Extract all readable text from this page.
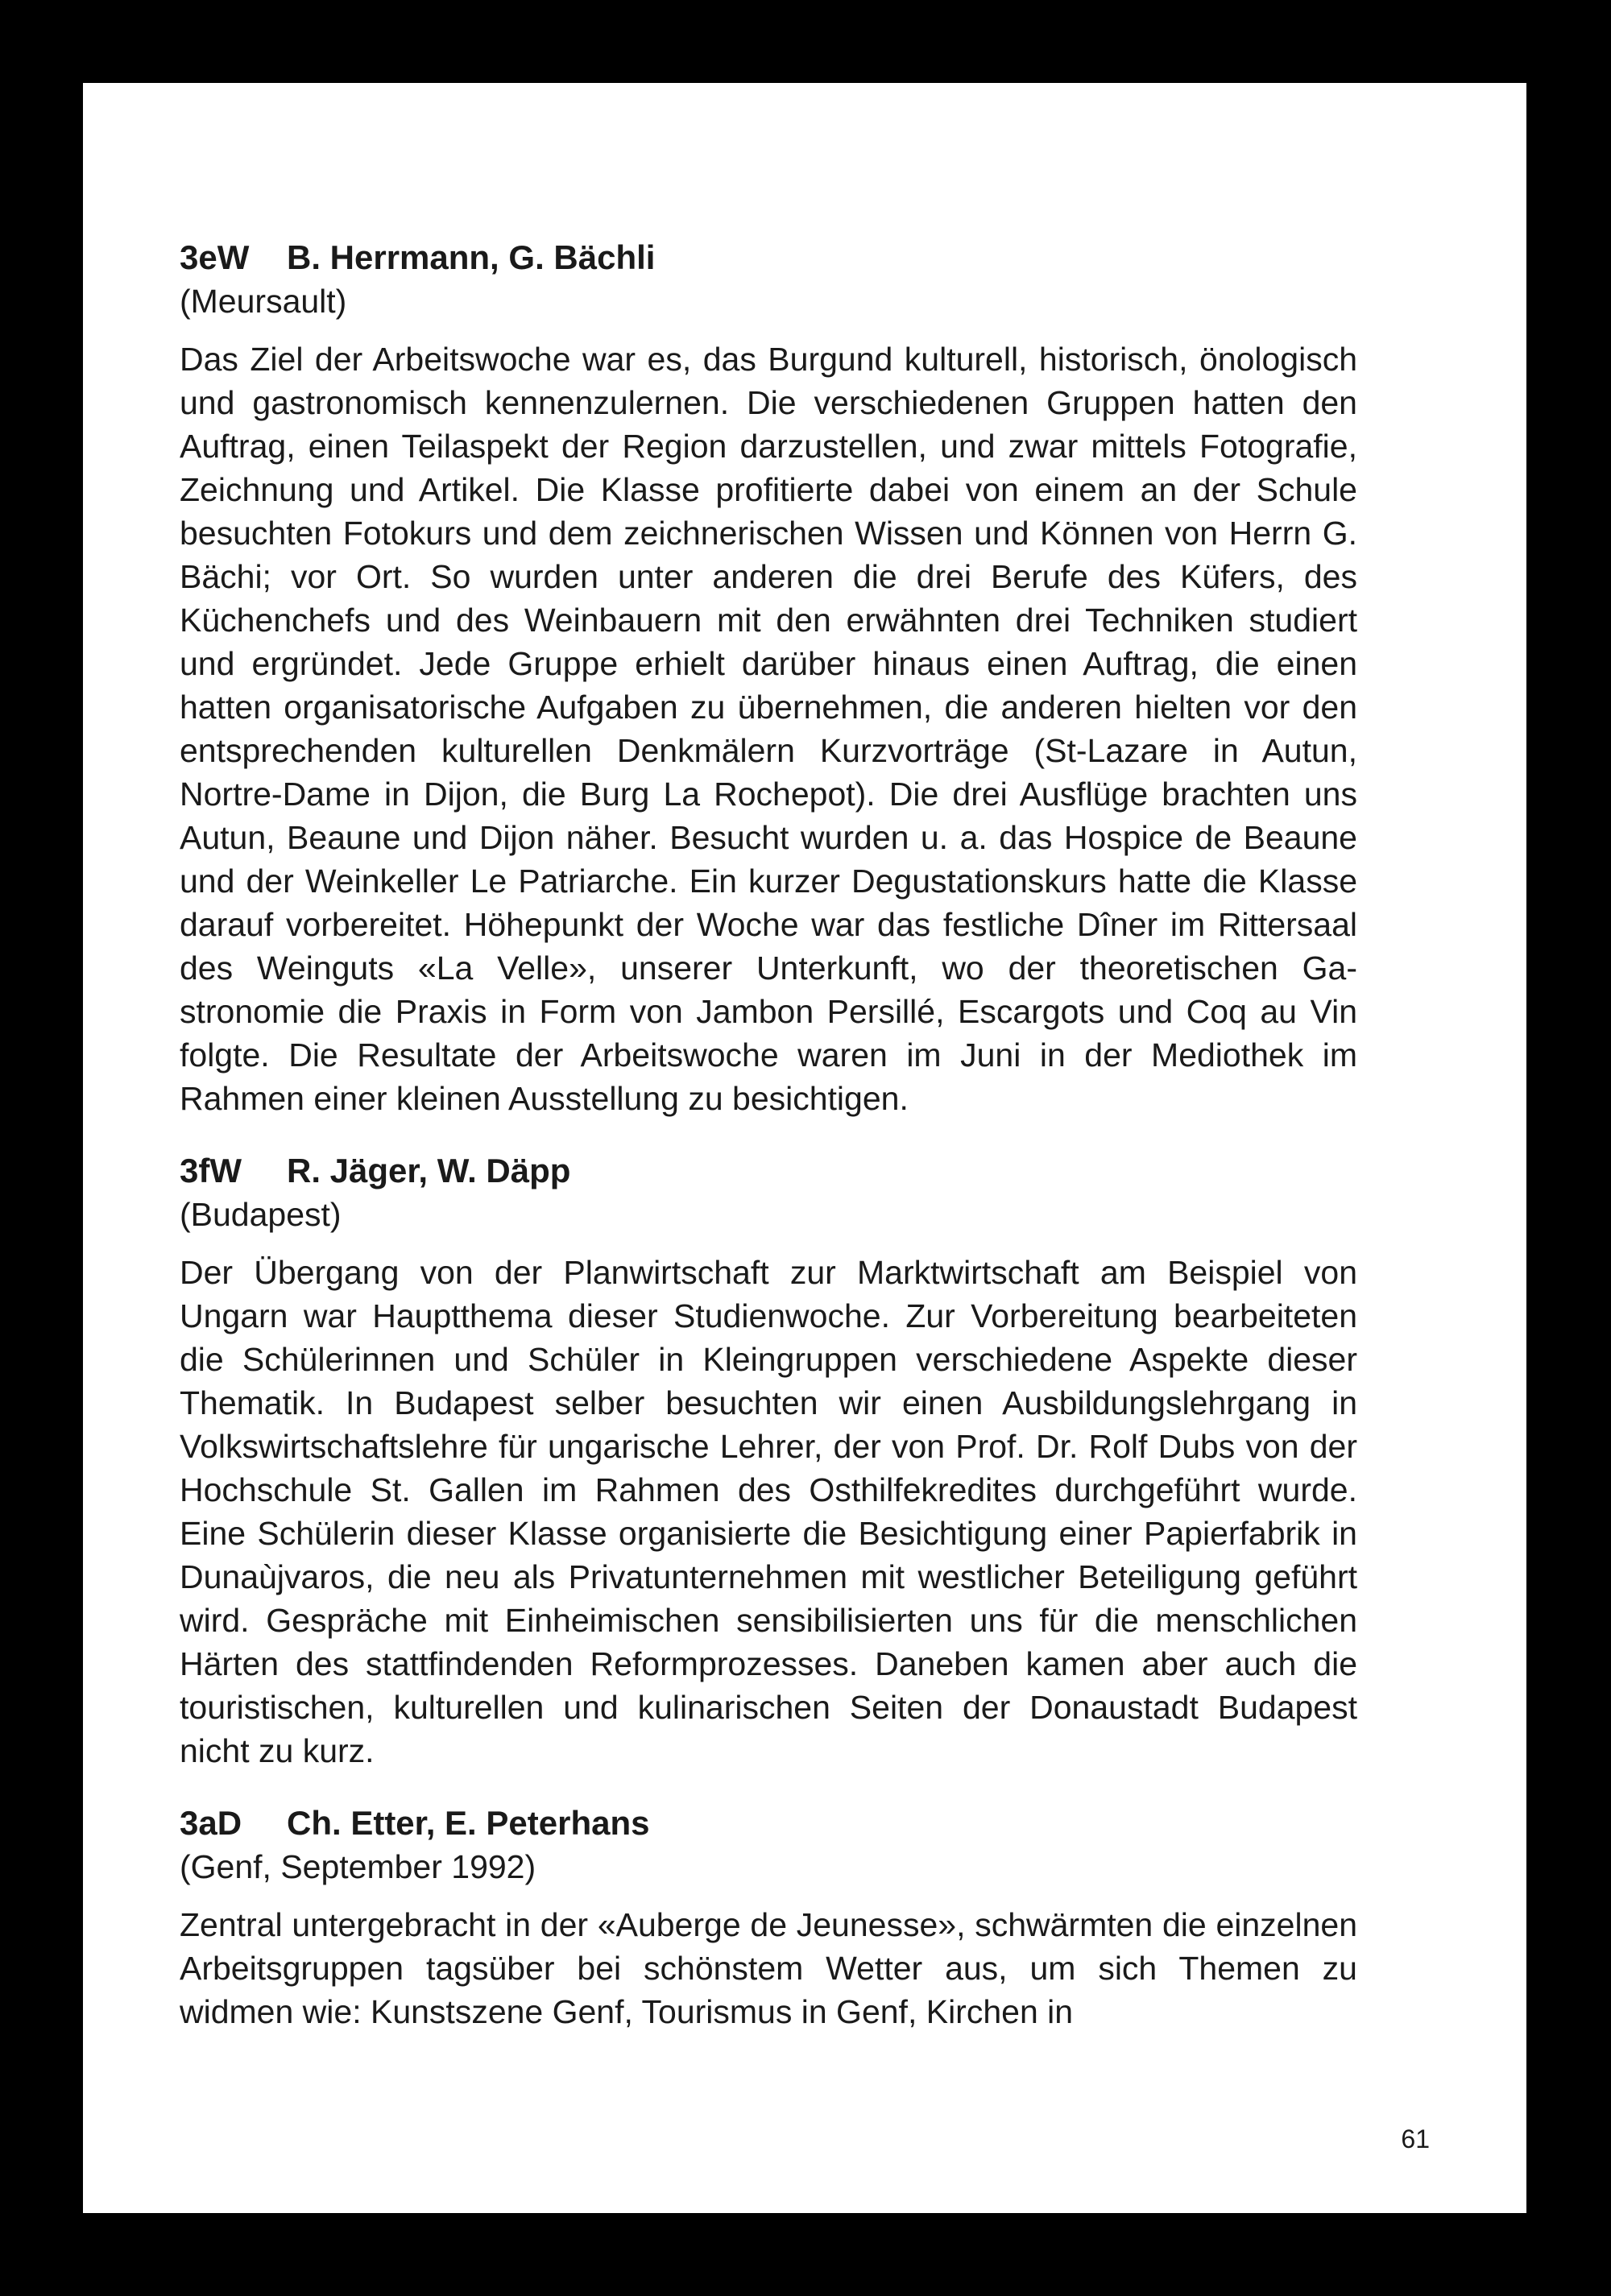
3eW B. Herrmann, G. Bächli

(Meursault)

Das Ziel der Arbeitswoche war es, das Burgund kulturell, historisch, önologisch und gastronomisch kennenzulernen. Die verschiedenen Gruppen hatten den Auftrag, einen Teilaspekt der Region darzustellen, und zwar mittels Fotografie, Zeichnung und Artikel. Die Klasse profitierte dabei von einem an der Schule besuchten Fotokurs und dem zeichnerischen Wissen und Können von Herrn G. Bächi; vor Ort. So wurden unter anderen die drei Berufe des Küfers, des Küchenchefs und des Weinbauern mit den erwähnten drei Techniken studiert und ergründet. Jede Gruppe erhielt darüber hinaus einen Auftrag, die einen hatten organisatorische Aufgaben zu übernehmen, die anderen hielten vor den entsprechenden kulturellen Denkmälern Kurzvorträge (St-Lazare in Autun, Nortre-Dame in Dijon, die Burg La Rochepot). Die drei Ausflüge brachten uns Autun, Beaune und Dijon näher. Besucht wurden u. a. das Hospice de Beaune und der Weinkeller Le Patriarche. Ein kurzer Degustationskurs hatte die Klasse darauf vorbereitet. Höhepunkt der Woche war das festliche Dîner im Rittersaal des Weinguts «La Velle», unserer Unterkunft, wo der theoretischen Gastronomie die Praxis in Form von Jambon Persillé, Escargots und Coq au Vin folgte. Die Resultate der Arbeitswoche waren im Juni in der Mediothek im Rahmen einer kleinen Ausstellung zu besichtigen.

3fW R. Jäger, W. Däpp

(Budapest)

Der Übergang von der Planwirtschaft zur Marktwirtschaft am Beispiel von Ungarn war Hauptthema dieser Studienwoche. Zur Vorbereitung bearbeiteten die Schülerinnen und Schüler in Kleingruppen verschiedene Aspekte dieser Thematik. In Budapest selber besuchten wir einen Ausbildungslehrgang in Volkswirtschaftslehre für ungarische Lehrer, der von Prof. Dr. Rolf Dubs von der Hochschule St. Gallen im Rahmen des Osthilfekredites durchgeführt wurde. Eine Schülerin dieser Klasse organisierte die Besichtigung einer Papierfabrik in Dunaùjvaros, die neu als Privatunternehmen mit westlicher Beteiligung geführt wird. Gespräche mit Einheimischen sensibilisierten uns für die menschlichen Härten des stattfindenden Reformprozesses. Daneben kamen aber auch die touristischen, kulturellen und kulinarischen Seiten der Donaustadt Budapest nicht zu kurz.

3aD Ch. Etter, E. Peterhans

(Genf, September 1992)

Zentral untergebracht in der «Auberge de Jeunesse», schwärmten die einzelnen Arbeitsgruppen tagsüber bei schönstem Wetter aus, um sich Themen zu widmen wie: Kunstszene Genf, Tourismus in Genf, Kirchen in

61
